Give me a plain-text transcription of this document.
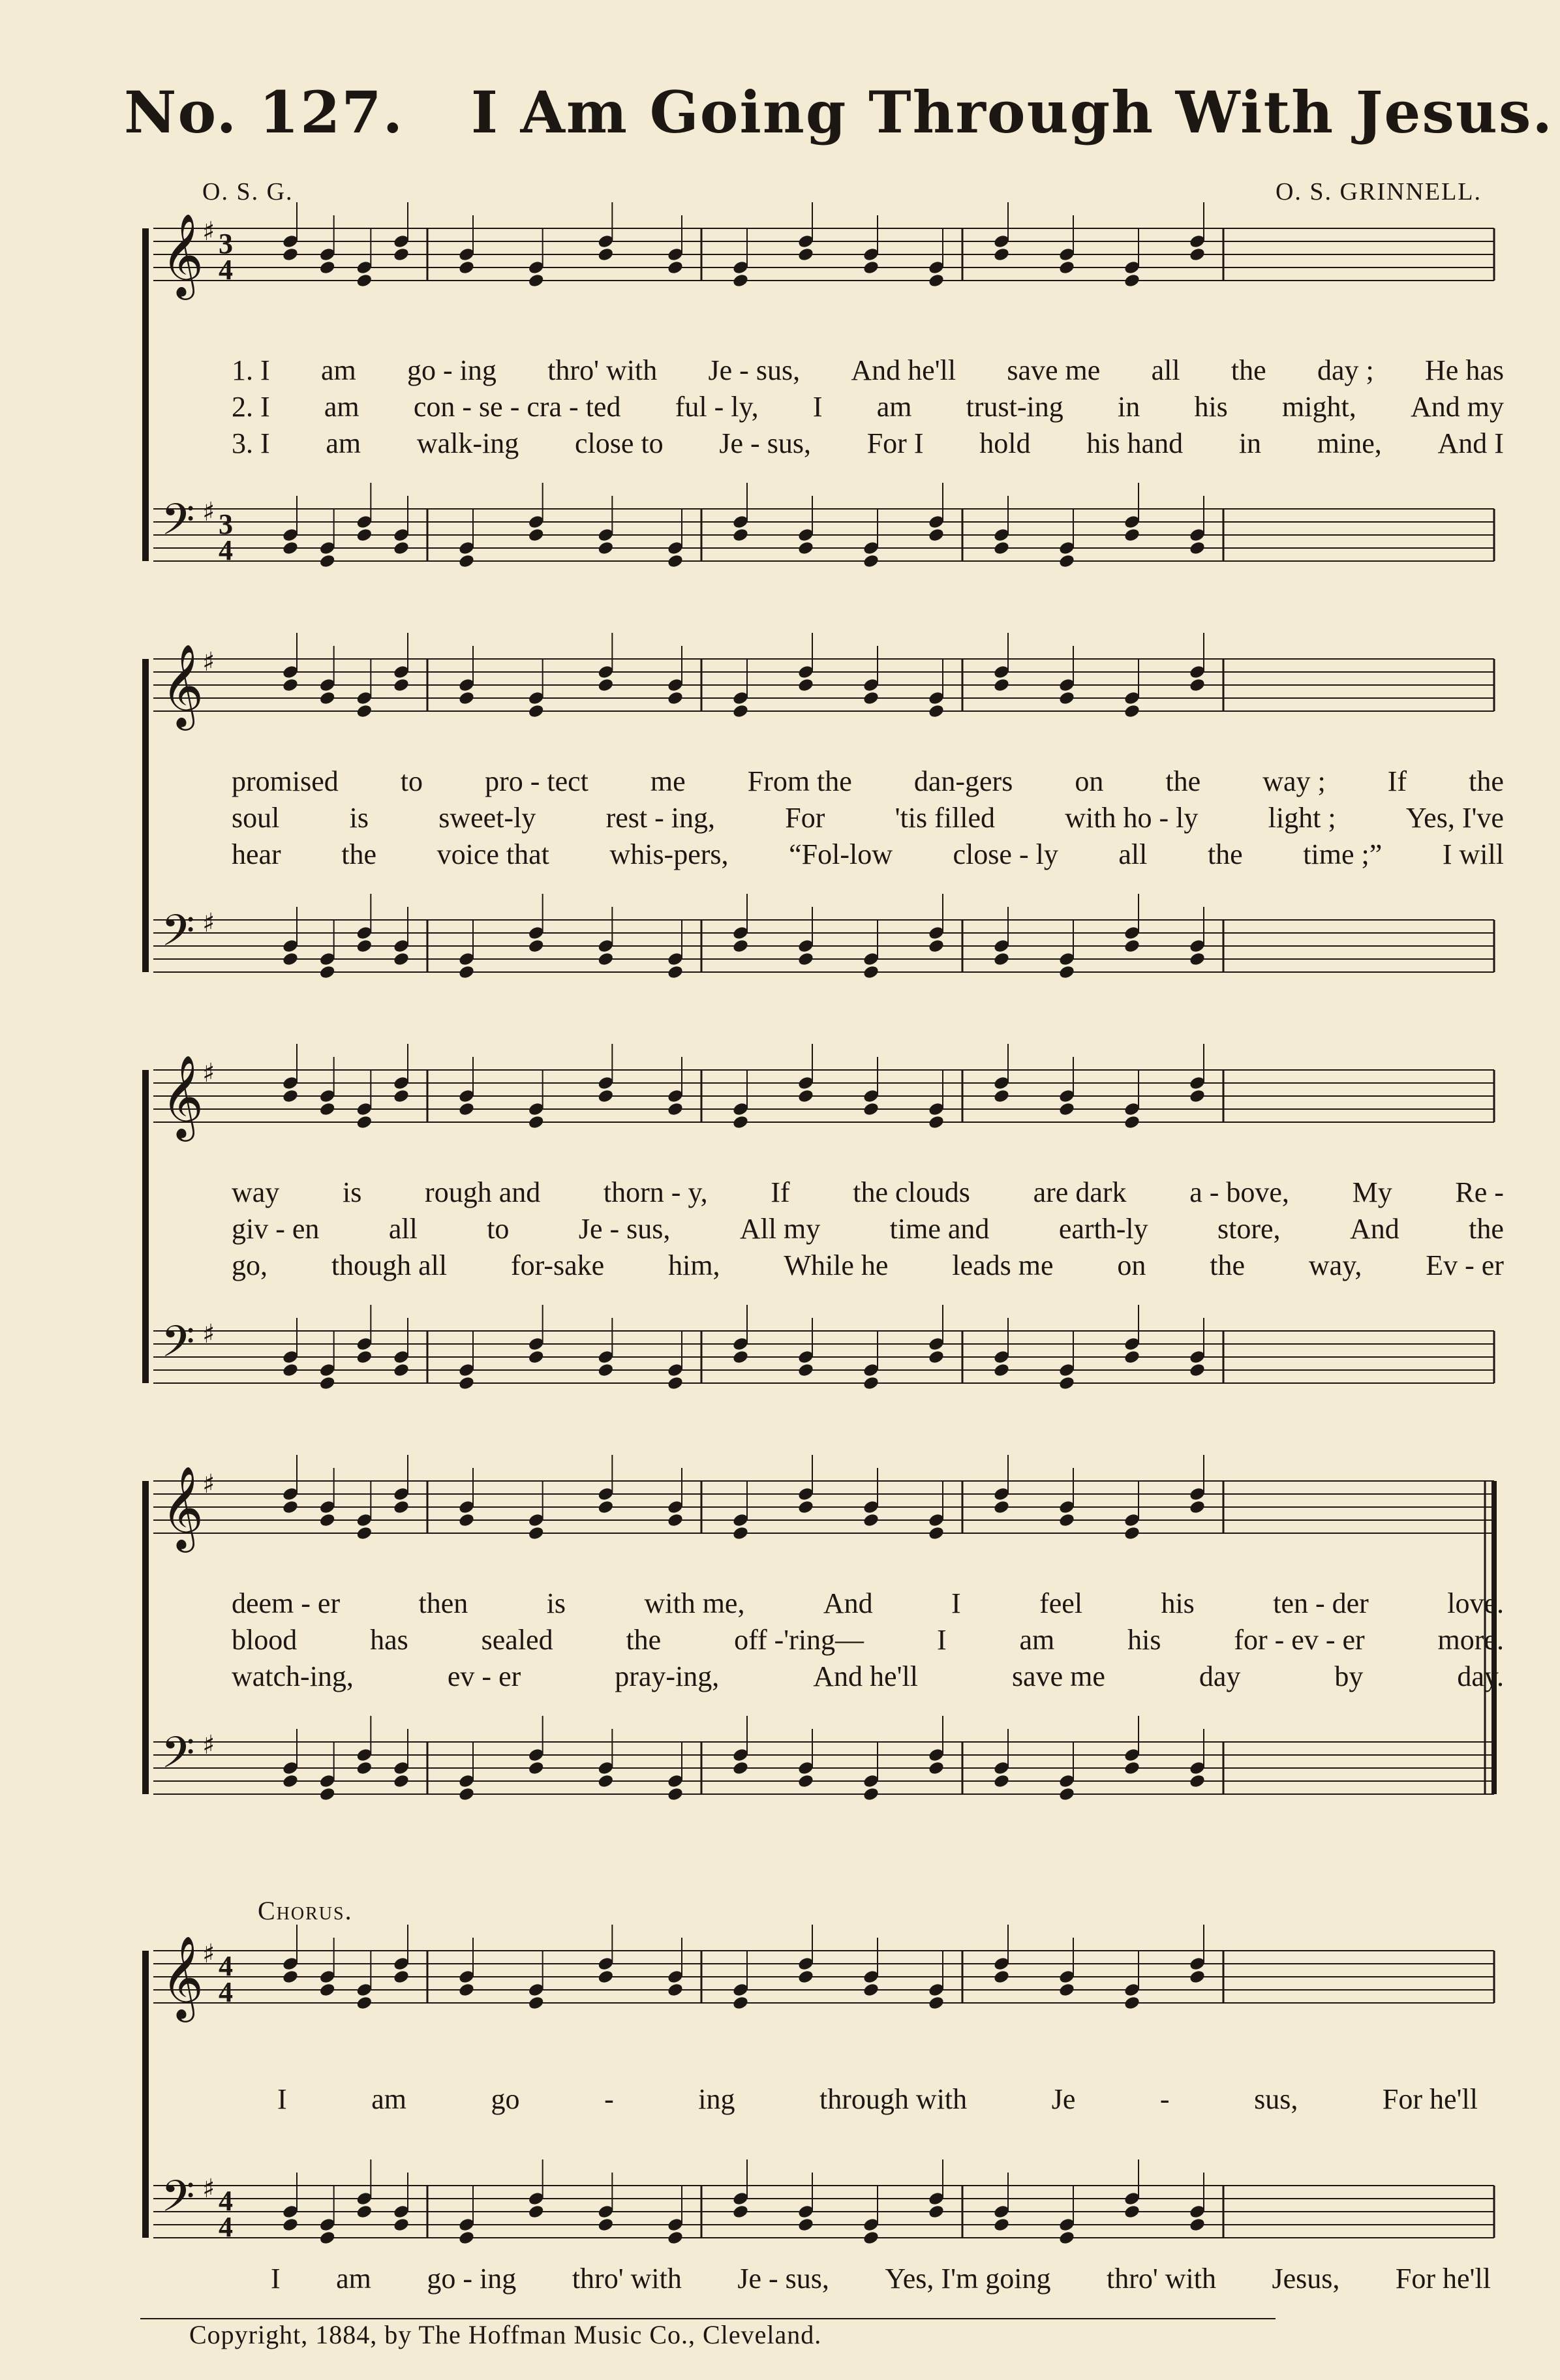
No. 127. I Am Going Through With Jesus.
O. S. G.	O. S. GRINNELL.
𝄞
♯ 3
4
𝄢 ♯ 3
4
1. I am go - ing thro' with Je - sus, And he'll save me all the day ; He has
2. I am con - se - cra - ted ful - ly, I am trust-ing in his might, And my
3. I am walk-ing close to Je - sus, For I hold his hand in mine, And I
𝄞
♯
𝄢 ♯
promised to pro - tect me From the dan-gers on the way ; If the
soul is sweet-ly rest - ing, For 'tis filled with ho - ly light ; Yes, I've
hear the voice that whis-pers, “Fol-low close - ly all the time ;” I will
𝄞
♯
𝄢 ♯
way is rough and thorn - y, If the clouds are dark a - bove, My Re -
giv - en all to Je - sus, All my time and earth-ly store, And the
go, though all for-sake him, While he leads me on the way, Ev - er
𝄞
♯
𝄢 ♯
deem - er	then	is	with me,	And	I	feel	his	ten - der	love.
blood	has	sealed	the	off -'ring—	I	am	his	for - ev - er	more.
watch-ing,	ev - er	pray-ing,	And he'll	save me	day	by	day.
Chorus.
𝄞
♯ 4
4
𝄢 ♯ 4
4
I	am	go	-	ing	through with	Je	-	sus,	For he'll
I am go - ing thro' with Je - sus, Yes, I'm going thro' with Jesus, For he'll
Copyright, 1884, by The Hoffman Music Co., Cleveland.
